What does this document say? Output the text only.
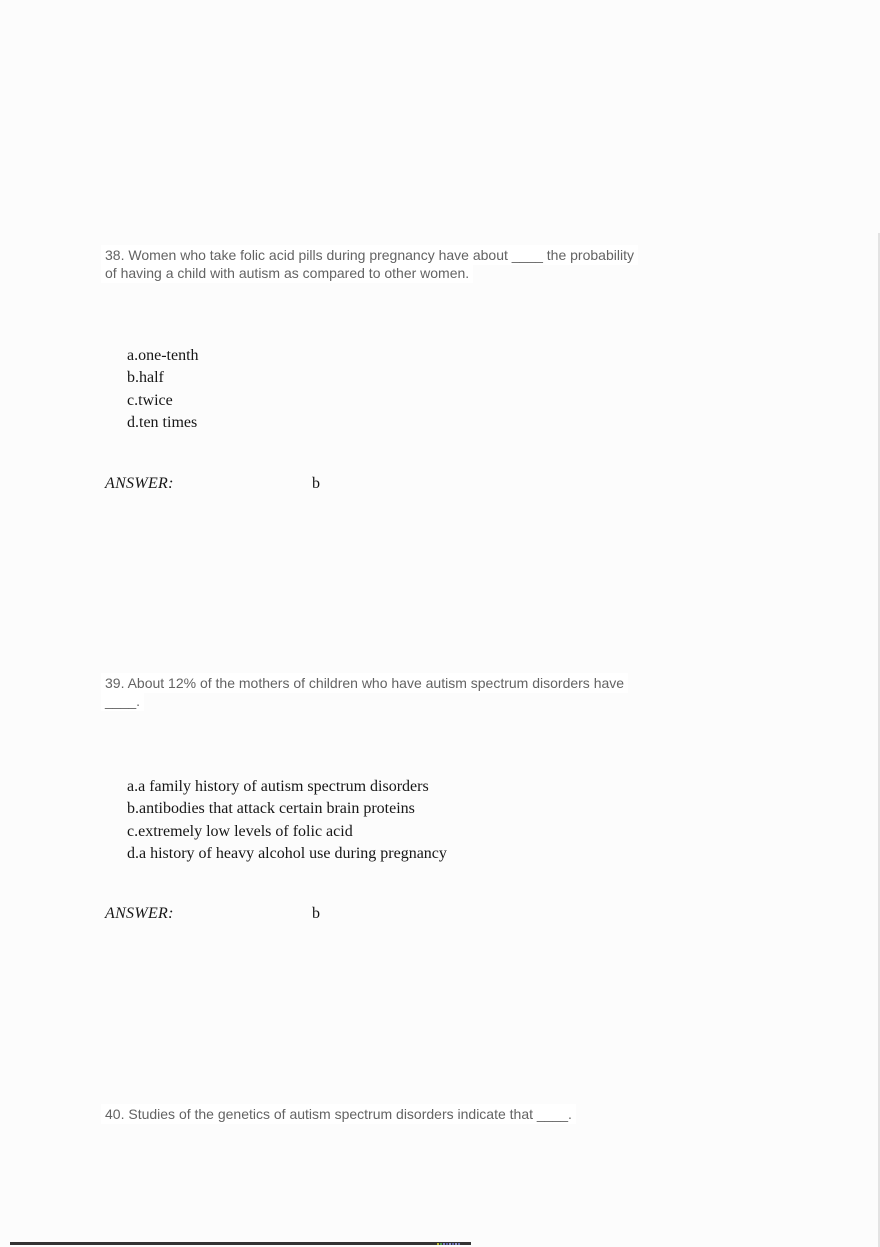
38. Women who take folic acid pills during pregnancy have about ____ the probability
of having a child with autism as compared to other women.
a.one-tenth
b.half
c.twice
d.ten times
ANSWER:	b
39. About 12% of the mothers of children who have autism spectrum disorders have
____.
a.a family history of autism spectrum disorders
b.antibodies that attack certain brain proteins
c.extremely low levels of folic acid
d.a history of heavy alcohol use during pregnancy
ANSWER:	b
40. Studies of the genetics of autism spectrum disorders indicate that ____.
